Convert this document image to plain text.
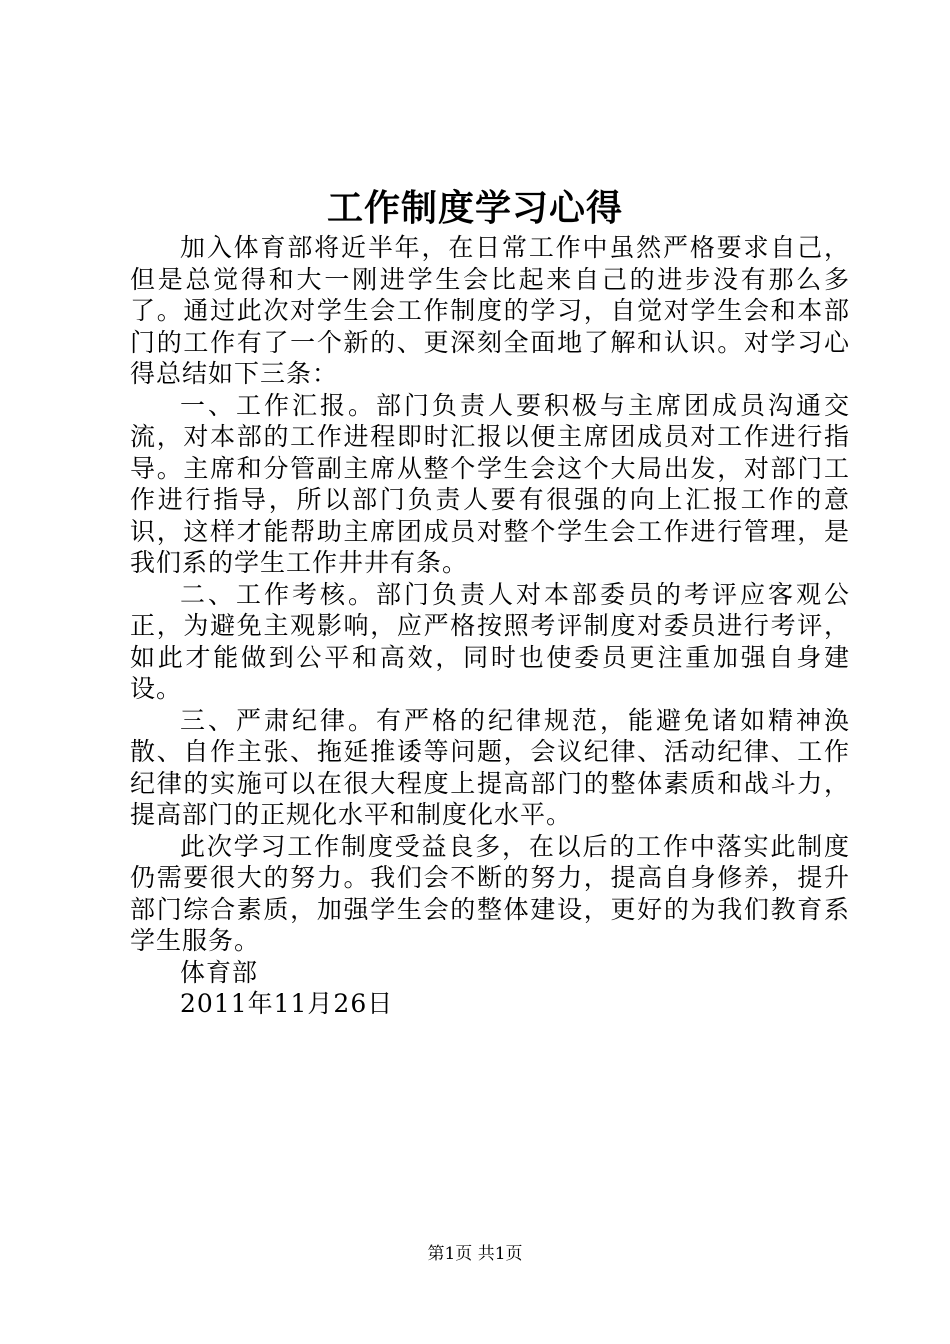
工作制度学习心得

加入体育部将近半年，在日常工作中虽然严格要求自己，但是总觉得和大一刚进学生会比起来自己的进步没有那么多了。通过此次对学生会工作制度的学习，自觉对学生会和本部门的工作有了一个新的、更深刻全面地了解和认识。对学习心得总结如下三条：

一、工作汇报。部门负责人要积极与主席团成员沟通交流，对本部的工作进程即时汇报以便主席团成员对工作进行指导。主席和分管副主席从整个学生会这个大局出发，对部门工作进行指导，所以部门负责人要有很强的向上汇报工作的意识，这样才能帮助主席团成员对整个学生会工作进行管理，是我们系的学生工作井井有条。

二、工作考核。部门负责人对本部委员的考评应客观公正，为避免主观影响，应严格按照考评制度对委员进行考评，如此才能做到公平和高效，同时也使委员更注重加强自身建设。

三、严肃纪律。有严格的纪律规范，能避免诸如精神涣散、自作主张、拖延推诿等问题，会议纪律、活动纪律、工作纪律的实施可以在很大程度上提高部门的整体素质和战斗力，提高部门的正规化水平和制度化水平。

此次学习工作制度受益良多，在以后的工作中落实此制度仍需要很大的努力。我们会不断的努力，提高自身修养，提升部门综合素质，加强学生会的整体建设，更好的为我们教育系学生服务。

体育部

2011年11月26日

第1页 共1页
